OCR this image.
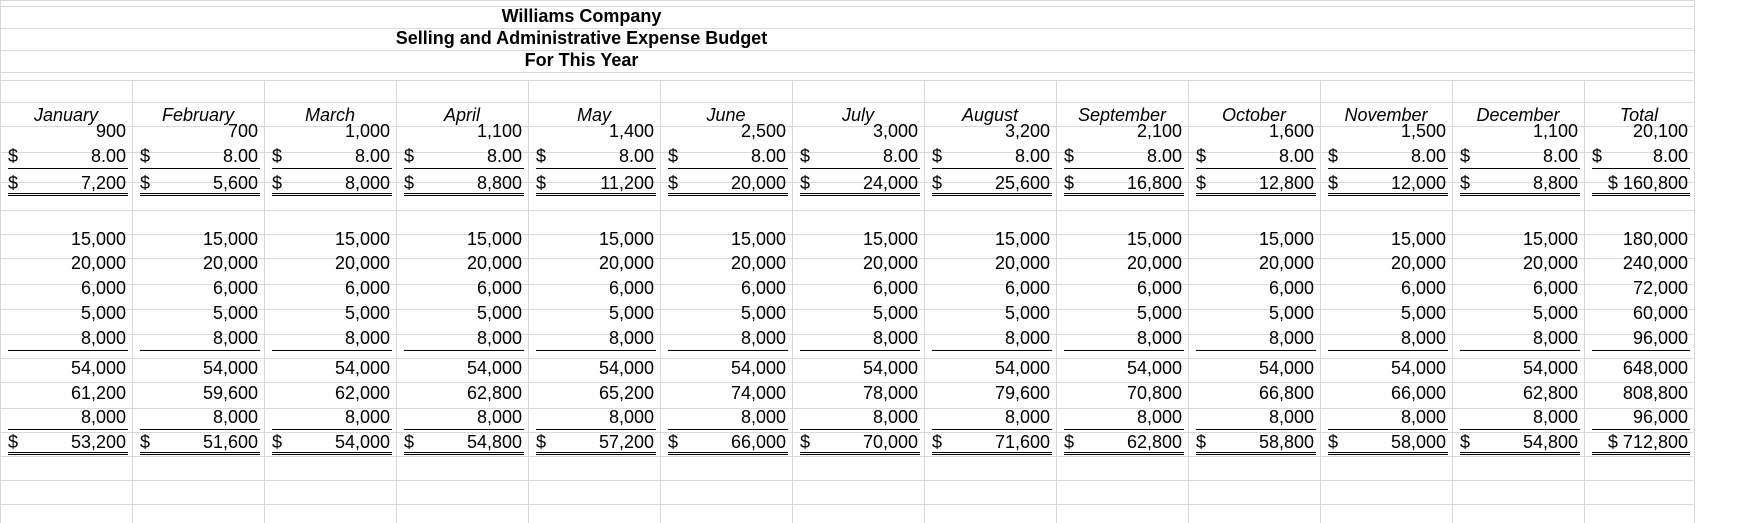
Williams Company
Selling and Administrative Expense Budget
For This Year
January	February	March	April	May	June	July	August	September	October	November	December	Total
900	700	1,000	1,100	1,400	2,500	3,000	3,200	2,100	1,600	1,500	1,100	20,100
$	8.00 $	8.00 $	8.00 $	8.00 $	8.00 $	8.00 $	8.00 $	8.00 $	8.00 $	8.00 $	8.00 $	8.00 $	8.00
$	7,200 $	5,600 $	8,000 $	8,800 $	11,200 $	20,000 $	24,000 $	25,600 $	16,800 $	12,800 $	12,000 $	8,800	$ 160,800
15,000	15,000	15,000	15,000	15,000	15,000	15,000	15,000	15,000	15,000	15,000	15,000	180,000
20,000	20,000	20,000	20,000	20,000	20,000	20,000	20,000	20,000	20,000	20,000	20,000	240,000
6,000	6,000	6,000	6,000	6,000	6,000	6,000	6,000	6,000	6,000	6,000	6,000	72,000
5,000	5,000	5,000	5,000	5,000	5,000	5,000	5,000	5,000	5,000	5,000	5,000	60,000
8,000	8,000	8,000	8,000	8,000	8,000	8,000	8,000	8,000	8,000	8,000	8,000	96,000
54,000	54,000	54,000	54,000	54,000	54,000	54,000	54,000	54,000	54,000	54,000	54,000	648,000
61,200	59,600	62,000	62,800	65,200	74,000	78,000	79,600	70,800	66,800	66,000	62,800	808,800
8,000	8,000	8,000	8,000	8,000	8,000	8,000	8,000	8,000	8,000	8,000	8,000	96,000
$	53,200 $	51,600 $	54,000 $	54,800 $	57,200 $	66,000 $	70,000 $	71,600 $	62,800 $	58,800 $	58,000 $	54,800	$ 712,800
